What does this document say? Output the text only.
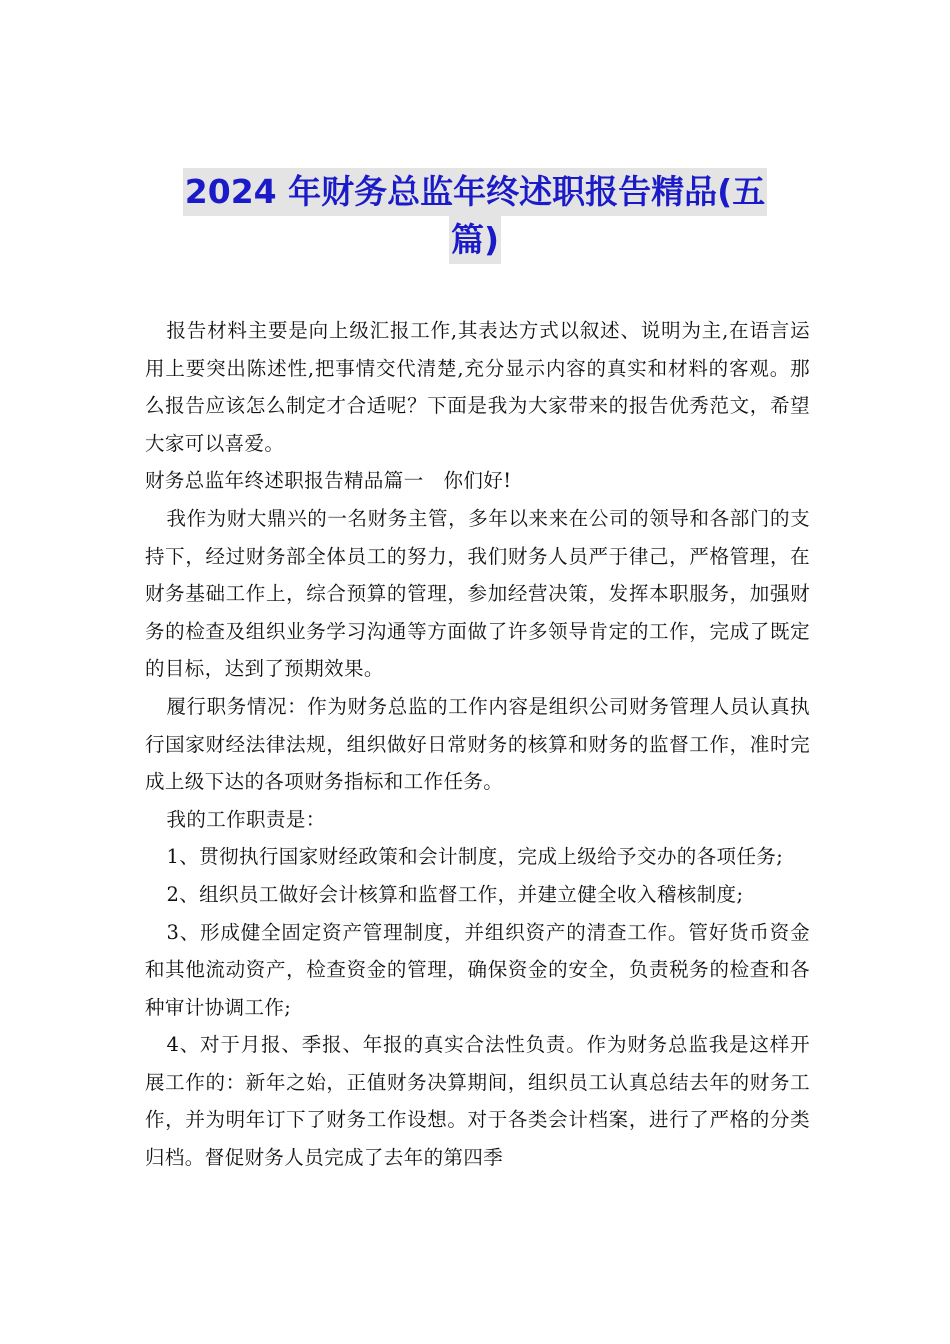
2024 年财务总监年终述职报告精品(五
篇)

报告材料主要是向上级汇报工作,其表达方式以叙述、说明为主,在语言运用上要突出陈述性,把事情交代清楚,充分显示内容的真实和材料的客观。那么报告应该怎么制定才合适呢？下面是我为大家带来的报告优秀范文，希望大家可以喜爱。

财务总监年终述职报告精品篇一　你们好!

我作为财大鼎兴的一名财务主管，多年以来来在公司的领导和各部门的支持下，经过财务部全体员工的努力，我们财务人员严于律己，严格管理，在财务基础工作上，综合预算的管理，参加经营决策，发挥本职服务，加强财务的检查及组织业务学习沟通等方面做了许多领导肯定的工作，完成了既定的目标，达到了预期效果。

履行职务情况：作为财务总监的工作内容是组织公司财务管理人员认真执行国家财经法律法规，组织做好日常财务的核算和财务的监督工作，准时完成上级下达的各项财务指标和工作任务。

我的工作职责是：

1、贯彻执行国家财经政策和会计制度，完成上级给予交办的各项任务;

2、组织员工做好会计核算和监督工作，并建立健全收入稽核制度;

3、形成健全固定资产管理制度，并组织资产的清查工作。管好货币资金和其他流动资产，检查资金的管理，确保资金的安全，负责税务的检查和各种审计协调工作;

4、对于月报、季报、年报的真实合法性负责。作为财务总监我是这样开展工作的：新年之始，正值财务决算期间，组织员工认真总结去年的财务工作，并为明年订下了财务工作设想。对于各类会计档案，进行了严格的分类归档。督促财务人员完成了去年的第四季
